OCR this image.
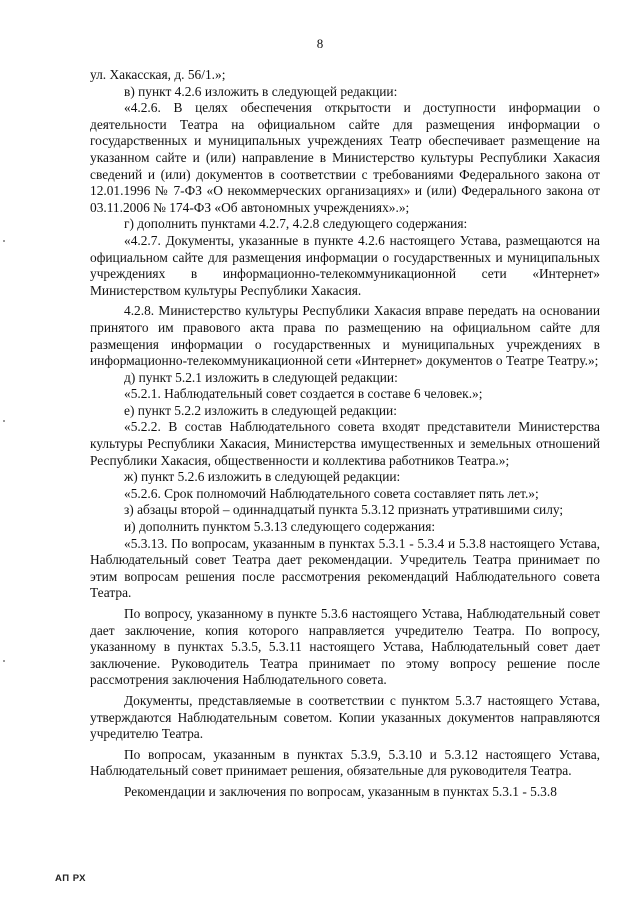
8

ул. Хакасская, д. 56/1.»;

в) пункт 4.2.6 изложить в следующей редакции:

«4.2.6. В целях обеспечения открытости и доступности информации о деятельности Театра на официальном сайте для размещения информации о государственных и муниципальных учреждениях Театр обеспечивает размещение на указанном сайте и (или) направление в Министерство культуры Республики Хакасия сведений и (или) документов в соответствии с требованиями Федерального закона от 12.01.1996 № 7-ФЗ «О некоммерческих организациях» и (или) Федерального закона от 03.11.2006 № 174-ФЗ «Об автономных учреждениях».»;

г) дополнить пунктами 4.2.7, 4.2.8 следующего содержания:

«4.2.7. Документы, указанные в пункте 4.2.6 настоящего Устава, размещаются на официальном сайте для размещения информации о государственных и муниципальных учреждениях в информационно-телекоммуникационной сети «Интернет» Министерством культуры Республики Хакасия.

4.2.8. Министерство культуры Республики Хакасия вправе передать на основании принятого им правового акта права по размещению на официальном сайте для размещения информации о государственных и муниципальных учреждениях в информационно-телекоммуникационной сети «Интернет» документов о Театре Театру.»;

д) пункт 5.2.1 изложить в следующей редакции:

«5.2.1. Наблюдательный совет создается в составе 6 человек.»;

е) пункт 5.2.2 изложить в следующей редакции:

«5.2.2. В состав Наблюдательного совета входят представители Министерства культуры Республики Хакасия, Министерства имущественных и земельных отношений Республики Хакасия, общественности и коллектива работников Театра.»;

ж) пункт 5.2.6 изложить в следующей редакции:

«5.2.6. Срок полномочий Наблюдательного совета составляет пять лет.»;

з) абзацы второй – одиннадцатый пункта 5.3.12 признать утратившими силу;

и) дополнить пунктом 5.3.13 следующего содержания:

«5.3.13. По вопросам, указанным в пунктах 5.3.1 - 5.3.4 и 5.3.8 настоящего Устава, Наблюдательный совет Театра дает рекомендации. Учредитель Театра принимает по этим вопросам решения после рассмотрения рекомендаций Наблюдательного совета Театра.

По вопросу, указанному в пункте 5.3.6 настоящего Устава, Наблюдательный совет дает заключение, копия которого направляется учредителю Театра. По вопросу, указанному в пунктах 5.3.5, 5.3.11 настоящего Устава, Наблюдательный совет дает заключение. Руководитель Театра принимает по этому вопросу решение после рассмотрения заключения Наблюдательного совета.

Документы, представляемые в соответствии с пунктом 5.3.7 настоящего Устава, утверждаются Наблюдательным советом. Копии указанных документов направляются учредителю Театра.

По вопросам, указанным в пунктах 5.3.9, 5.3.10 и 5.3.12 настоящего Устава, Наблюдательный совет принимает решения, обязательные для руководителя Театра.

Рекомендации и заключения по вопросам, указанным в пунктах 5.3.1 - 5.3.8

АП РХ
